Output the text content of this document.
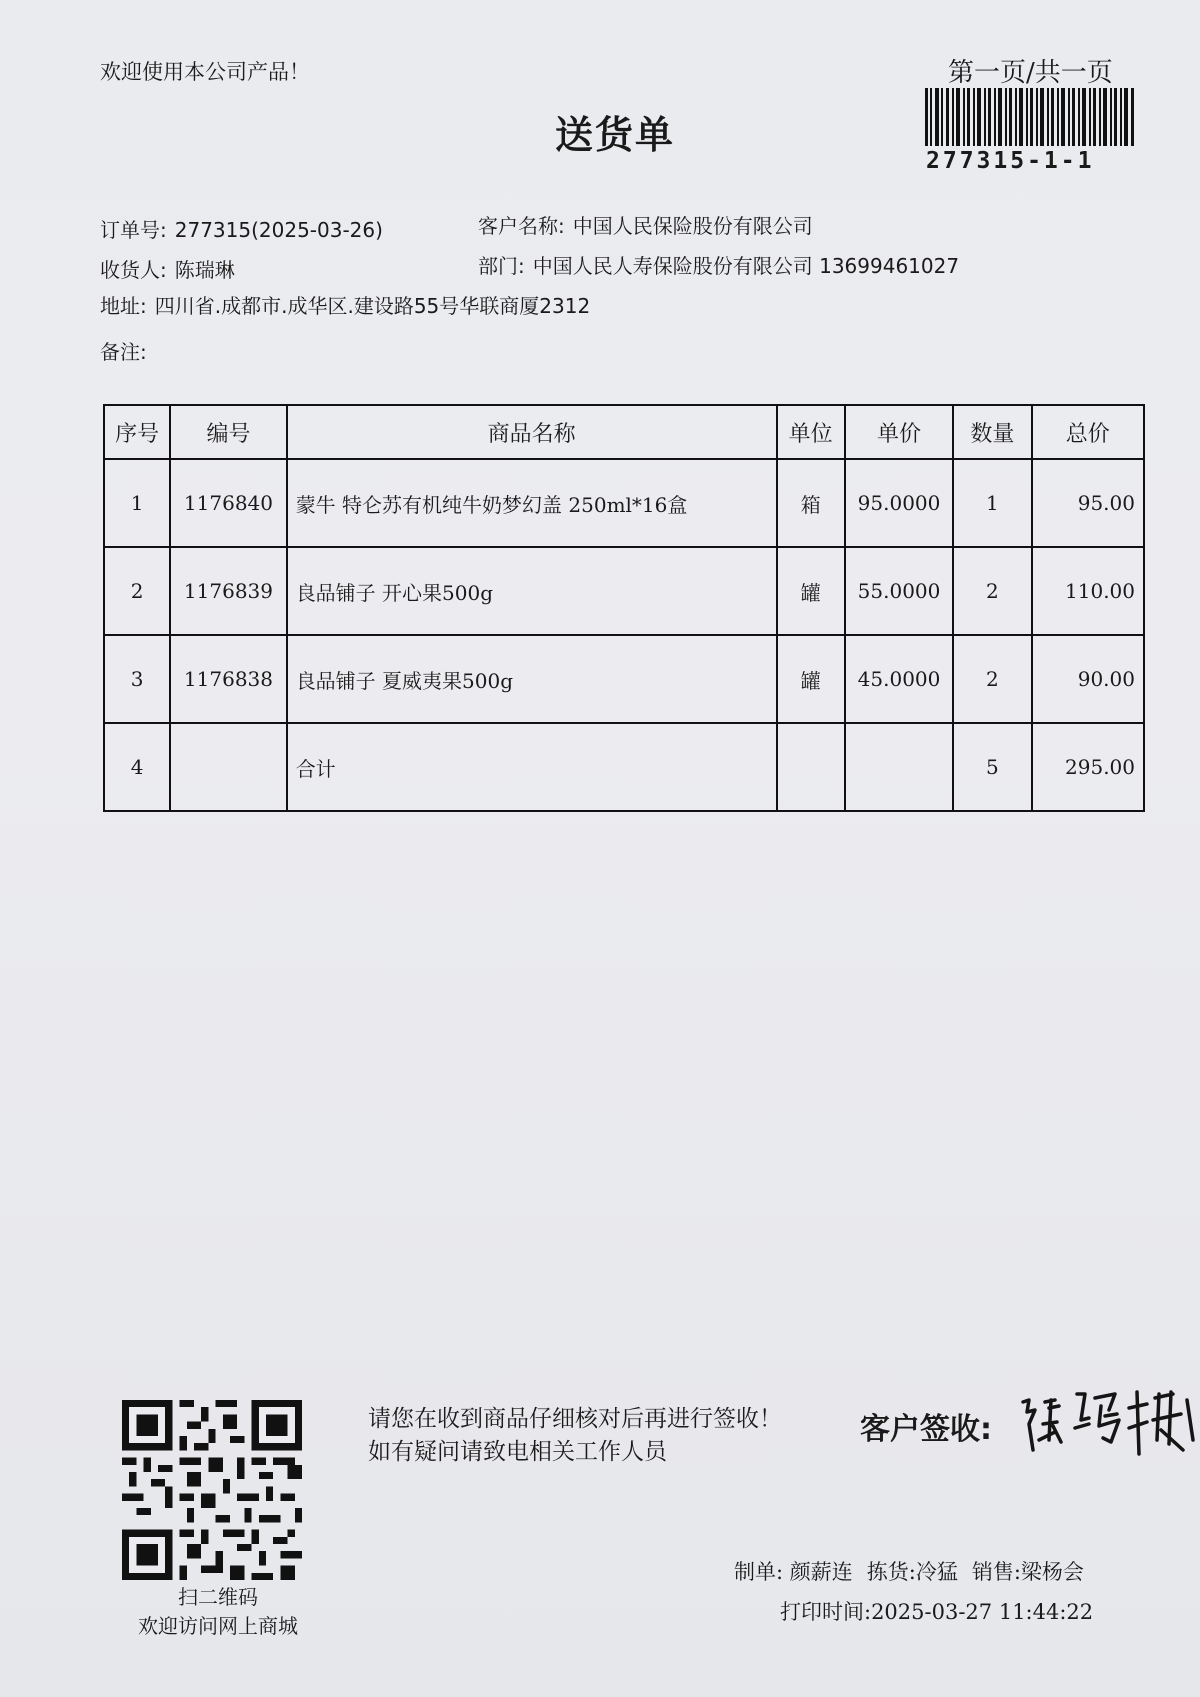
欢迎使用本公司产品！	第一页/共一页
送货单
277315-1-1
订单号: 277315(2025-03-26)	客户名称: 中国人民保险股份有限公司
收货人: 陈瑞琳	部门: 中国人民人寿保险股份有限公司 13699461027
地址: 四川省.成都市.成华区.建设路55号华联商厦2312
备注:
序号	编号	商品名称	单位	单价	数量	总价
1	1176840	蒙牛 特仑苏有机纯牛奶梦幻盖 250ml*16盒	箱	95.0000	1	95.00
2	1176839	良品铺子 开心果500g	罐	55.0000	2	110.00
3	1176838	良品铺子 夏威夷果500g	罐	45.0000	2	90.00
4		合计			5	295.00
扫二维码
欢迎访问网上商城
请您在收到商品仔细核对后再进行签收！如有疑问请致电相关工作人员
客户签收:
制单: 颜薪连 拣货:冷猛 销售:梁杨会
打印时间:2025-03-27 11:44:22
